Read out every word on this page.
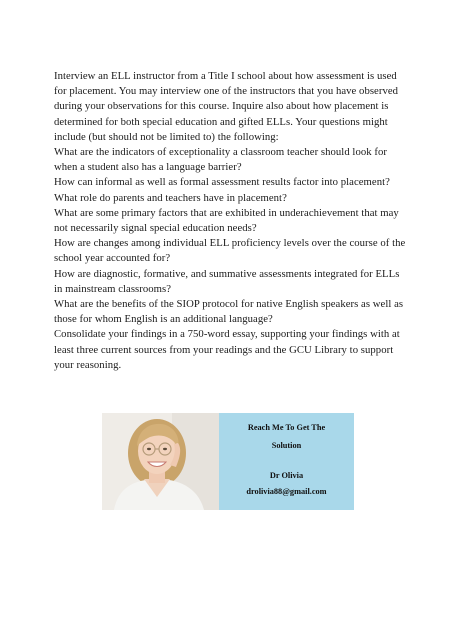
Interview an ELL instructor from a Title I school about how assessment is used for placement. You may interview one of the instructors that you have observed during your observations for this course. Inquire also about how placement is determined for both special education and gifted ELLs. Your questions might include (but should not be limited to) the following:

What are the indicators of exceptionality a classroom teacher should look for when a student also has a language barrier?

How can informal as well as formal assessment results factor into placement?

What role do parents and teachers have in placement?

What are some primary factors that are exhibited in underachievement that may not necessarily signal special education needs?

How are changes among individual ELL proficiency levels over the course of the school year accounted for?

How are diagnostic, formative, and summative assessments integrated for ELLs in mainstream classrooms?

What are the benefits of the SIOP protocol for native English speakers as well as those for whom English is an additional language?

Consolidate your findings in a 750-word essay, supporting your findings with at least three current sources from your readings and the GCU Library to support your reasoning.

Reach Me To Get The
Solution
Dr Olivia
drolivia88@gmail.com
